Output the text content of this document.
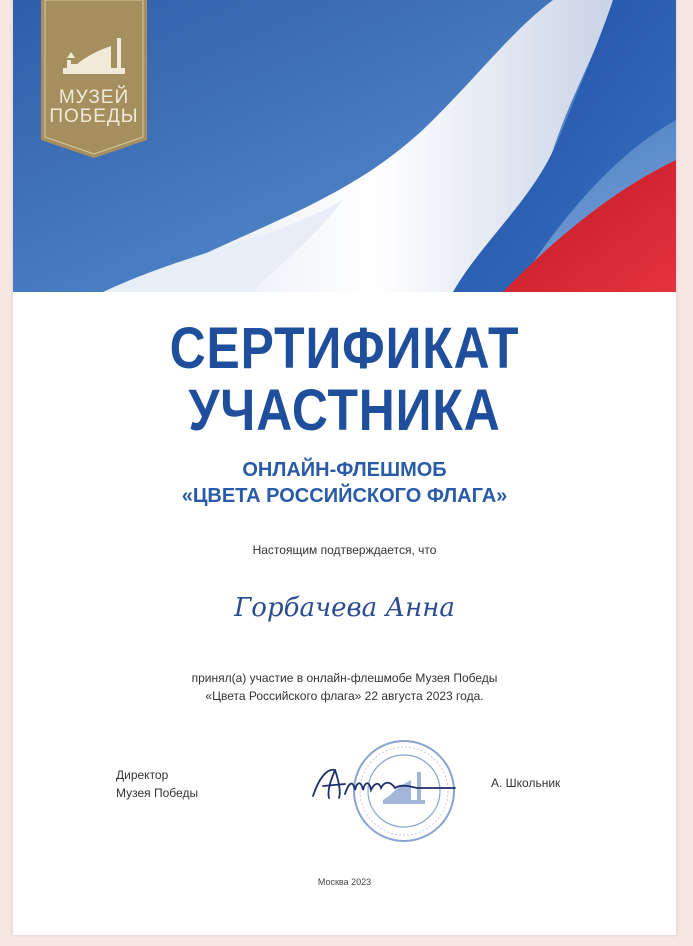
МУЗЕЙ
ПОБЕДЫ
СЕРТИФИКАТ
УЧАСТНИКА
ОНЛАЙН-ФЛЕШМОБ
«ЦВЕТА РОССИЙСКОГО ФЛАГА»
Настоящим подтверждается, что
Горбачева Анна
принял(а) участие в онлайн-флешмобе Музея Победы
«Цвета Российского флага» 22 августа 2023 года.
Директор
Музея Победы
А. Школьник
Москва 2023
